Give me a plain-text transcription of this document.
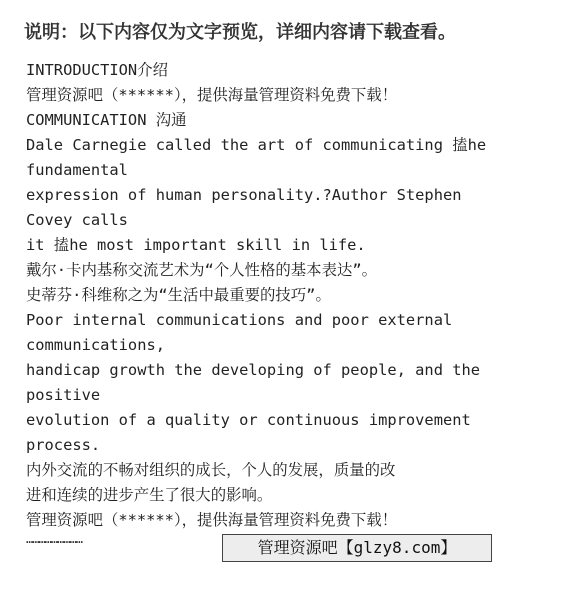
说明：以下内容仅为文字预览，详细内容请下载查看。
INTRODUCTION介绍
管理资源吧（******），提供海量管理资料免费下载！
COMMUNICATION 沟通
Dale Carnegie called the art of communicating 搕he
fundamental
expression of human personality.?Author Stephen
Covey calls
it 搕he most important skill in life.
戴尔·卡内基称交流艺术为“个人性格的基本表达”。
史蒂芬·科维称之为“生活中最重要的技巧”。
Poor internal communications and poor external
communications,
handicap growth the developing of people, and the
positive
evolution of a quality or continuous improvement
process.
内外交流的不畅对组织的成长，个人的发展，质量的改
进和连续的进步产生了很大的影响。
管理资源吧（******），提供海量管理资料免费下载！
………………………	管理资源吧【glzy8.com】
